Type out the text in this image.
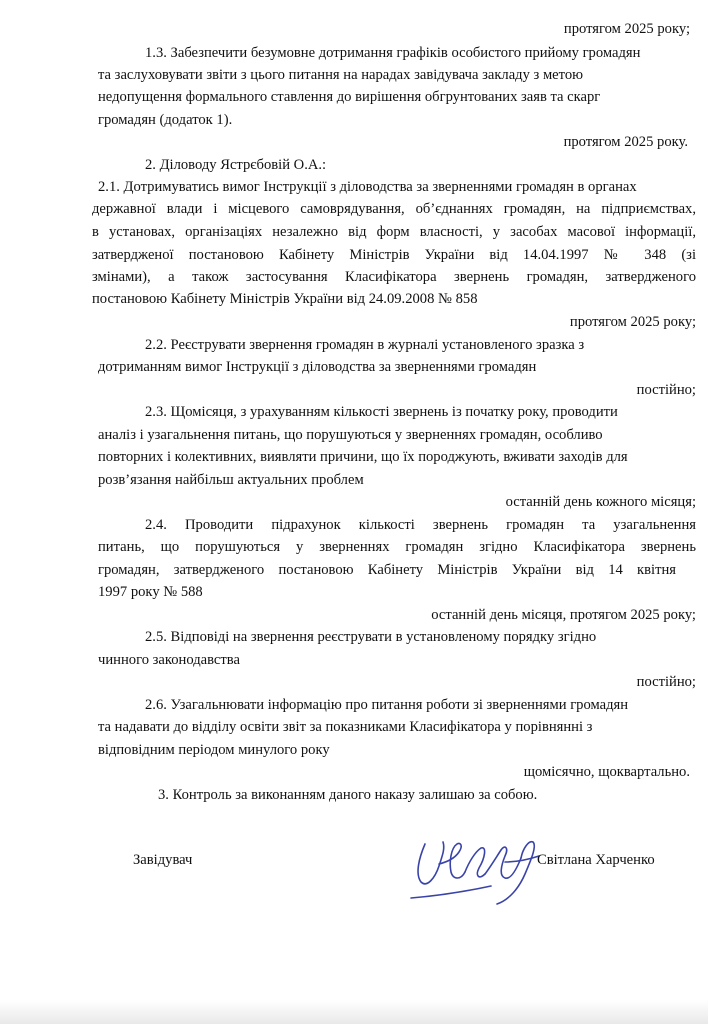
протягом 2025 року;
1.3. Забезпечити безумовне дотримання графіків особистого прийому громадян
та заслуховувати звіти з цього питання на нарадах завідувача закладу з метою
недопущення формального ставлення до вирішення обгрунтованих заяв та скарг
громадян (додаток 1).
протягом 2025 року.
2. Діловоду Ястрєбовій О.А.:
2.1. Дотримуватись вимог Інструкції з діловодства за зверненнями громадян в органах
державної влади і місцевого самоврядування, об’єднаннях громадян, на підприємствах,
в установах, організаціях незалежно від форм власності, у засобах масової інформації,
затвердженої постановою Кабінету Міністрів України від 14.04.1997 № 348 (зі
змінами), а також застосування Класифікатора звернень громадян, затвердженого
постановою Кабінету Міністрів України від 24.09.2008 № 858
протягом 2025 року;
2.2. Реєструвати звернення громадян в журналі установленого зразка з
дотриманням вимог Інструкції з діловодства за зверненнями громадян
постійно;
2.3. Щомісяця, з урахуванням кількості звернень із початку року, проводити
аналіз і узагальнення питань, що порушуються у зверненнях громадян, особливо
повторних і колективних, виявляти причини, що їх породжують, вживати заходів для
розв’язання найбільш актуальних проблем
останній день кожного місяця;
2.4. Проводити підрахунок кількості звернень громадян та узагальнення
питань, що порушуються у зверненнях громадян згідно Класифікатора звернень
громадян, затвердженого постановою Кабінету Міністрів України від 14 квітня
1997 року № 588
останній день місяця, протягом 2025 року;
2.5. Відповіді на звернення реєструвати в установленому порядку згідно
чинного законодавства
постійно;
2.6. Узагальнювати інформацію про питання роботи зі зверненнями громадян
та надавати до відділу освіти звіт за показниками Класифікатора у порівнянні з
відповідним періодом минулого року
щомісячно, щоквартально.
3. Контроль за виконанням даного наказу залишаю за собою.
Завідувач	Світлана Харченко
